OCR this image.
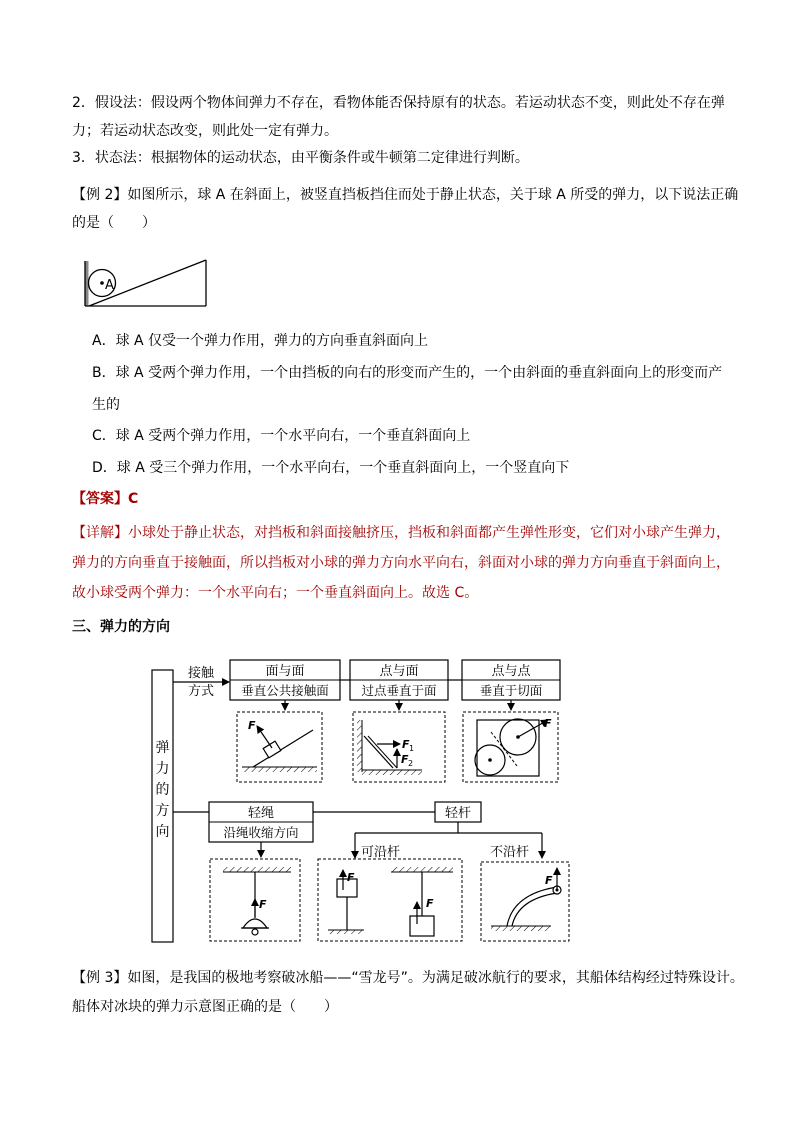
2．假设法：假设两个物体间弹力不存在，看物体能否保持原有的状态。若运动状态不变，则此处不存在弹
力；若运动状态改变，则此处一定有弹力。
3．状态法：根据物体的运动状态，由平衡条件或牛顿第二定律进行判断。
【例 2】如图所示，球 A 在斜面上，被竖直挡板挡住而处于静止状态，关于球 A 所受的弹力，以下说法正确
的是（　　）
A
A．球 A 仅受一个弹力作用，弹力的方向垂直斜面向上
B．球 A 受两个弹力作用，一个由挡板的向右的形变而产生的，一个由斜面的垂直斜面向上的形变而产
生的
C．球 A 受两个弹力作用，一个水平向右，一个垂直斜面向上
D．球 A 受三个弹力作用，一个水平向右，一个垂直斜面向上，一个竖直向下
【答案】C
【详解】小球处于静止状态，对挡板和斜面接触挤压，挡板和斜面都产生弹性形变，它们对小球产生弹力，
弹力的方向垂直于接触面，所以挡板对小球的弹力方向水平向右，斜面对小球的弹力方向垂直于斜面向上，
故小球受两个弹力：一个水平向右；一个垂直斜面向上。故选 C。
三、弹力的方向
弹
力
的
方
向
接触
方式
面与面
垂直公共接触面
点与面
过点垂直于面
点与点
垂直于切面
F
F 1
F 2
F
轻绳
沿绳收缩方向
轻杆
可沿杆	不沿杆
F
F
F
F
【例 3】如图，是我国的极地考察破冰船——“雪龙号”。为满足破冰航行的要求，其船体结构经过特殊设计。
船体对冰块的弹力示意图正确的是（　　）
